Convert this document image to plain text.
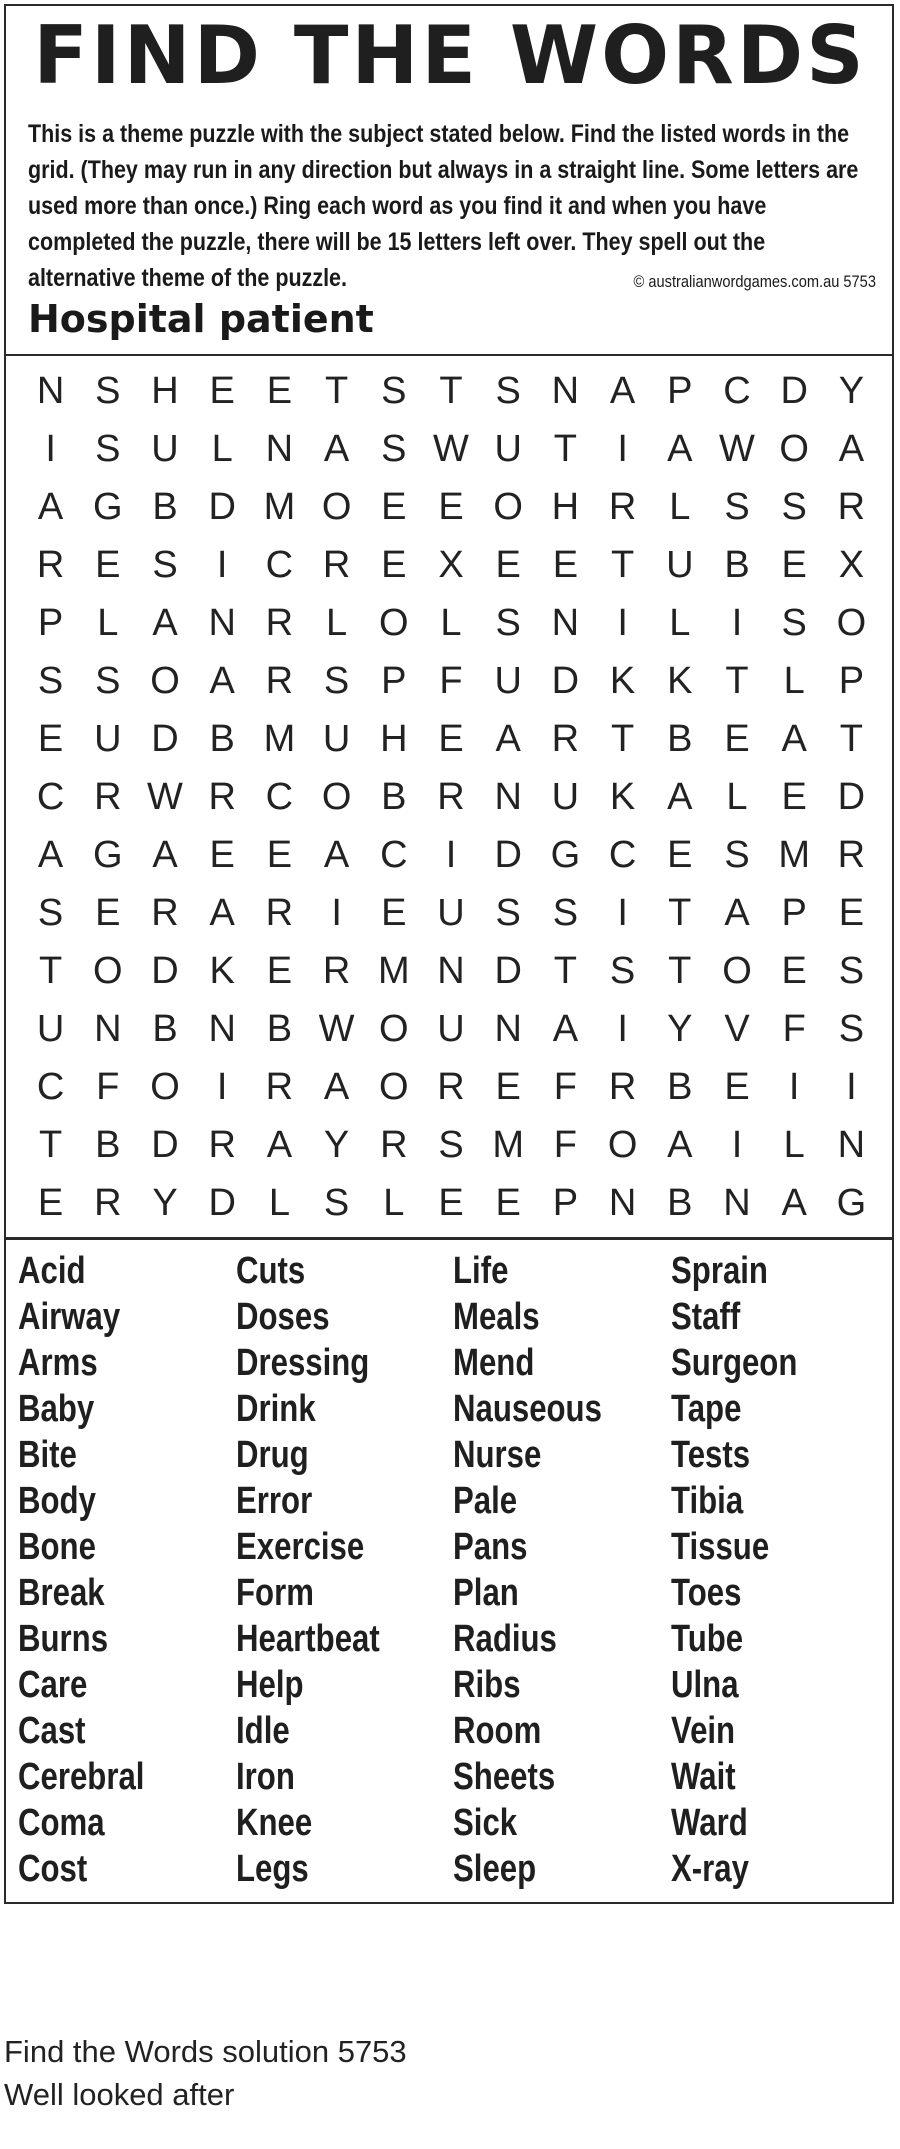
FIND THE WORDS
This is a theme puzzle with the subject stated below. Find the listed words in the grid. (They may run in any direction but always in a straight line. Some letters are used more than once.) Ring each word as you find it and when you have completed the puzzle, there will be 15 letters left over. They spell out the alternative theme of the puzzle.	© australianwordgames.com.au 5753
Hospital patient
N S H E E T S T S N A P C D Y
I	S U L N A S W U T	I	A W O A
A G B D M O E E O H R L S S R
R E S	I	C R E X E E T U B E X
P L A N R L O L S N	I	L	I	S O
S S O A R S P F U D K K T L P
E U D B M U H E A R T B E A T
C R W R C O B R N U K A L E D
A G A E E A C	I	D G C E S M R
S E R A R	I	E U S S	I	T A P E
T O D K E R M N D T S T O E S
U N B N B W O U N A	I	Y V F S
C F O I	R A O R E F R B E	I	I
T B D R A Y R S M F O A	I	L N
E R Y D L S L E E P N B N A G
Acid
Airway
Arms
Baby
Bite
Body
Bone
Break
Burns
Care
Cast
Cerebral
Coma
Cost
Cuts
Doses
Dressing
Drink
Drug
Error
Exercise
Form
Heartbeat
Help
Idle
Iron
Knee
Legs
Life
Meals
Mend
Nauseous
Nurse
Pale
Pans
Plan
Radius
Ribs
Room
Sheets
Sick
Sleep
Sprain
Staff
Surgeon
Tape
Tests
Tibia
Tissue
Toes
Tube
Ulna
Vein
Wait
Ward
X-ray
Find the Words solution 5753
Well looked after
